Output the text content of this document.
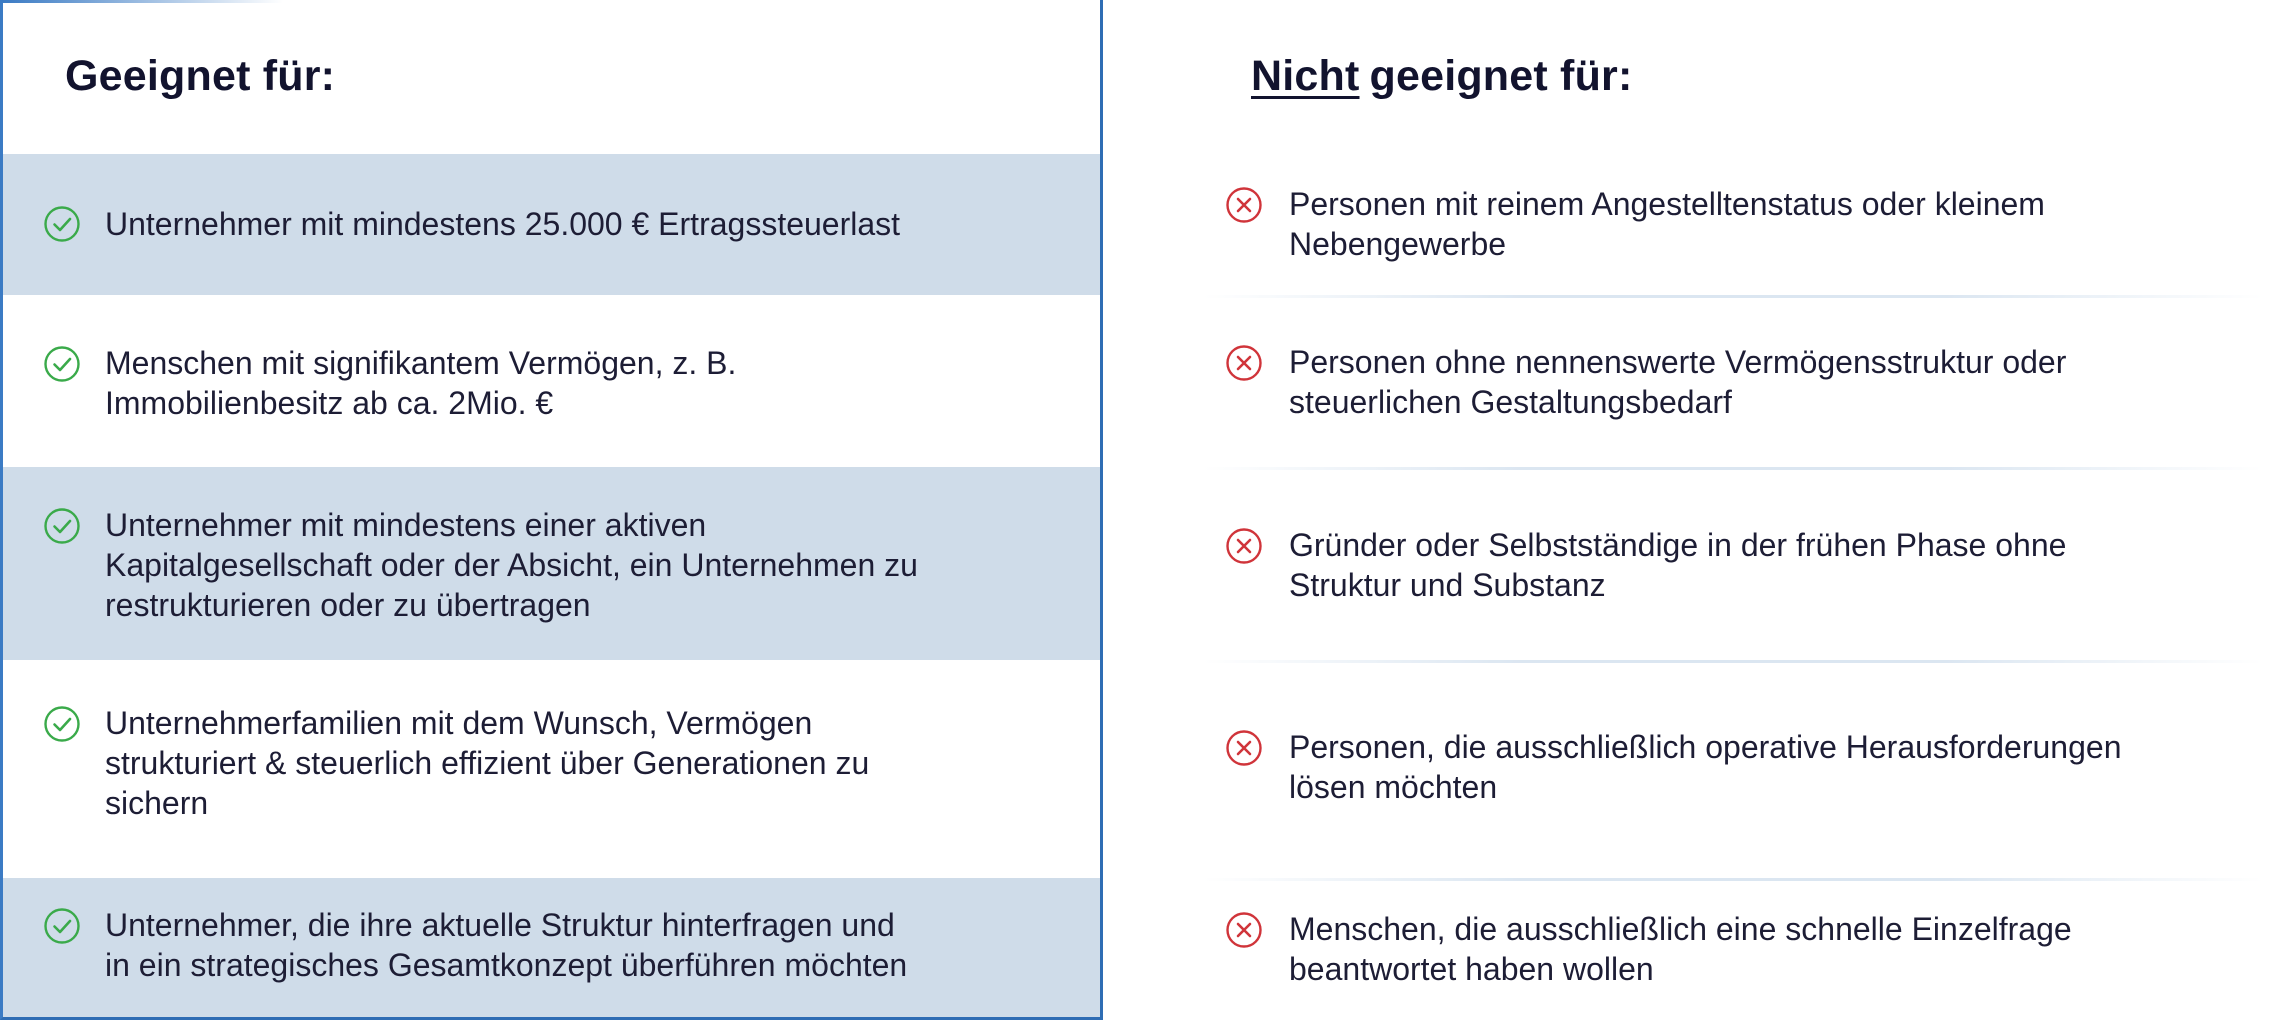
Geeignet für:
Unternehmer mit mindestens 25.000 € Ertragssteuerlast
Menschen mit signifikantem Vermögen, z. B.
Immobilienbesitz ab ca. 2Mio. €
Unternehmer mit mindestens einer aktiven
Kapitalgesellschaft oder der Absicht, ein Unternehmen zu
restrukturieren oder zu übertragen
Unternehmerfamilien mit dem Wunsch, Vermögen
strukturiert & steuerlich effizient über Generationen zu
sichern
Unternehmer, die ihre aktuelle Struktur hinterfragen und
in ein strategisches Gesamtkonzept überführen möchten
Nicht geeignet für:
Personen mit reinem Angestelltenstatus oder kleinem
Nebengewerbe
Personen ohne nennenswerte Vermögensstruktur oder
steuerlichen Gestaltungsbedarf
Gründer oder Selbstständige in der frühen Phase ohne
Struktur und Substanz
Personen, die ausschließlich operative Herausforderungen
lösen möchten
Menschen, die ausschließlich eine schnelle Einzelfrage
beantwortet haben wollen
